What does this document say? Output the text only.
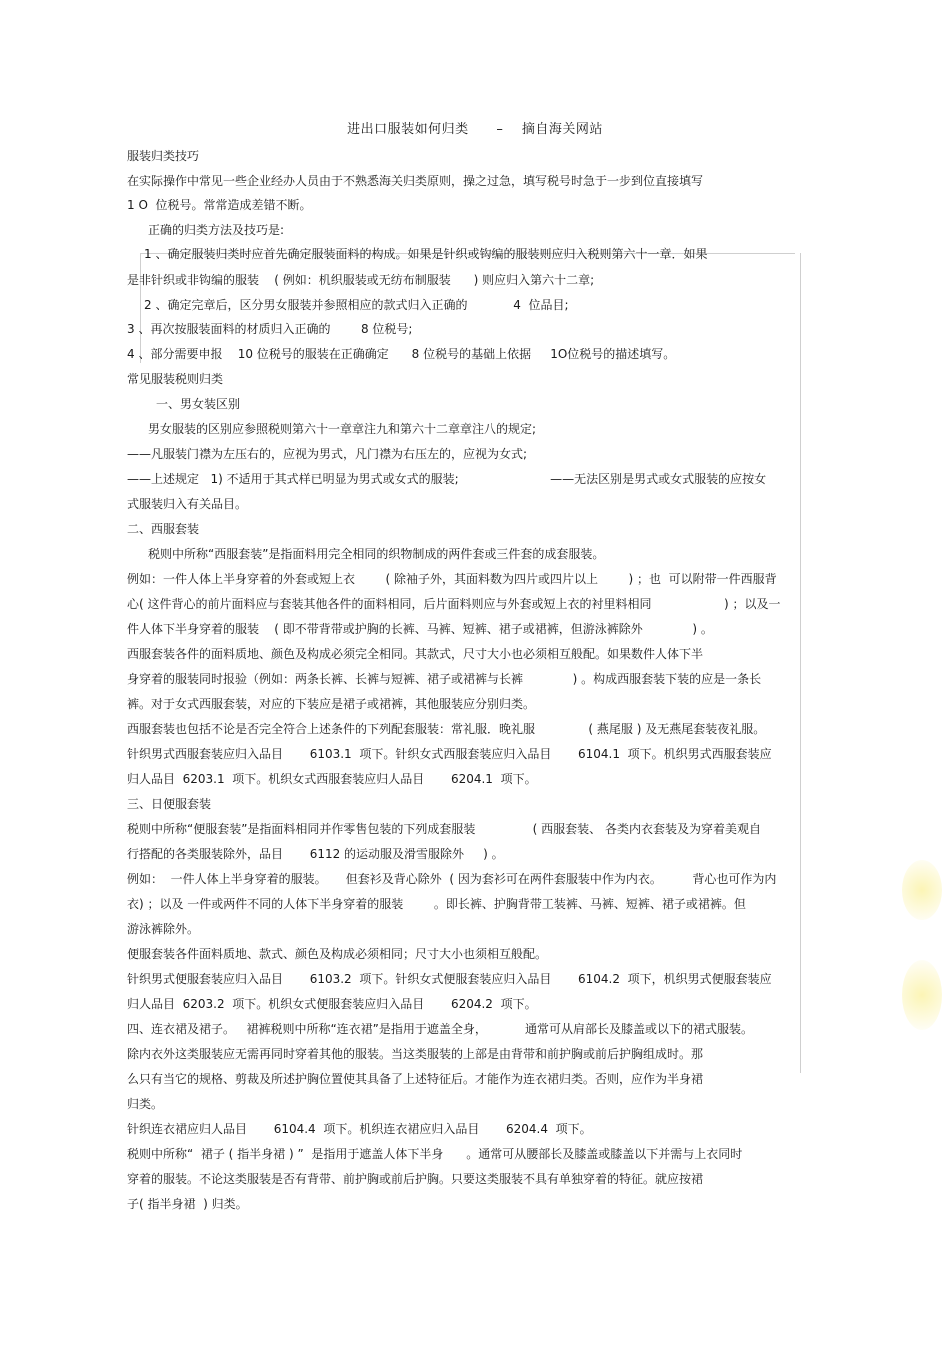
进出口服装如何归类      –    摘自海关网站
服装归类技巧
在实际操作中常见一些企业经办人员由于不熟悉海关归类原则，操之过急，填写税号时急于一步到位直接填写
1 O  位税号。常常造成差错不断。
正确的归类方法及技巧是:
1 、确定服装归类时应首先确定服装面料的构成。如果是针织或钩编的服装则应归入税则第六十一章．如果
是非针织或非钩编的服装    ( 例如：机织服装或无纺布制服装      ) 则应归入第六十二章;
2 、确定完章后，区分男女服装并参照相应的款式归入正确的            4  位品目;
3 、再次按服装面料的材质归入正确的        8 位税号;
4 、部分需要申报    10 位税号的服装在正确确定      8 位税号的基础上依据     1O位税号的描述填写。
常见服装税则归类
一、男女装区别
男女服装的区别应参照税则第六十一章章注九和第六十二章章注八的规定;
——凡服装门襟为左压右的，应视为男式，凡门襟为右压左的，应视为女式;
——上述规定   1) 不适用于其式样已明显为男式或女式的服装;                        ——无法区别是男式或女式服装的应按女
式服装归入有关品目。
二、西服套装
税则中所称“西服套装”是指面料用完全相同的织物制成的两件套或三件套的成套服装。
例如：一件人体上半身穿着的外套或短上衣        ( 除袖子外，其面料数为四片或四片以上        ) ；也  可以附带一件西服背
心( 这件背心的前片面料应与套装其他各件的面料相同，后片面料则应与外套或短上衣的衬里料相同                   ) ；以及一
件人体下半身穿着的服装    ( 即不带背带或护胸的长裤、马裤、短裤、裙子或裙裤，但游泳裤除外             ) 。
西服套装各件的面料质地、颜色及构成必须完全相同。其款式，尺寸大小也必须相互般配。如果数件人体下半
身穿着的服装同时报验（例如：两条长裤、长裤与短裤、裙子或裙裤与长裤             ) 。构成西服套装下装的应是一条长
裤。对于女式西服套装，对应的下装应是裙子或裙裤，其他服装应分别归类。
西服套装也包括不论是否完全符合上述条件的下列配套服装：常礼服．晚礼服              ( 燕尾服 ) 及无燕尾套装夜礼服。
针织男式西服套装应归入品目       6103.1  项下。针织女式西服套装应归入品目       6104.1  项下。机织男式西服套装应
归人品目  6203.1  项下。机织女式西服套装应归人品目       6204.1  项下。
三、日便服套装
税则中所称“便服套装”是指面料相同并作零售包装的下列成套服装               ( 西服套装、 各类内衣套装及为穿着美观自
行搭配的各类服装除外，品目       6112 的运动服及滑雪服除外     ) 。
例如：  一件人体上半身穿着的服装。     但套衫及背心除外  ( 因为套衫可在两件套服装中作为内衣。        背心也可作为内
衣) ；以及 一件或两件不同的人体下半身穿着的服装        。即长裤、护胸背带工装裤、马裤、短裤、裙子或裙裤。但
游泳裤除外。
便服套装各件面料质地、款式、颜色及构成必须相同；尺寸大小也须相互般配。
针织男式便服套装应归入品目       6103.2  项下。针织女式便服套装应归入品目       6104.2  项下，机织男式便服套装应
归人品目  6203.2  项下。机织女式便服套装应归入品目       6204.2  项下。
四、连衣裙及裙子。   裙裤税则中所称“连衣裙”是指用于遮盖全身，          通常可从肩部长及膝盖或以下的裙式服装。
除内衣外这类服装应无需再同时穿着其他的服装。当这类服装的上部是由背带和前护胸或前后护胸组成时。那
么只有当它的规格、剪裁及所述护胸位置使其具备了上述特征后。才能作为连衣裙归类。否则，应作为半身裙
归类。
针织连衣裙应归人品目       6104.4  项下。机织连衣裙应归入品目       6204.4  项下。
税则中所称“  裙子 ( 指半身裙 ) ”  是指用于遮盖人体下半身      。通常可从腰部长及膝盖或膝盖以下并需与上衣同时
穿着的服装。不论这类服装是否有背带、前护胸或前后护胸。只要这类服装不具有单独穿着的特征。就应按裙
子( 指半身裙  ) 归类。
